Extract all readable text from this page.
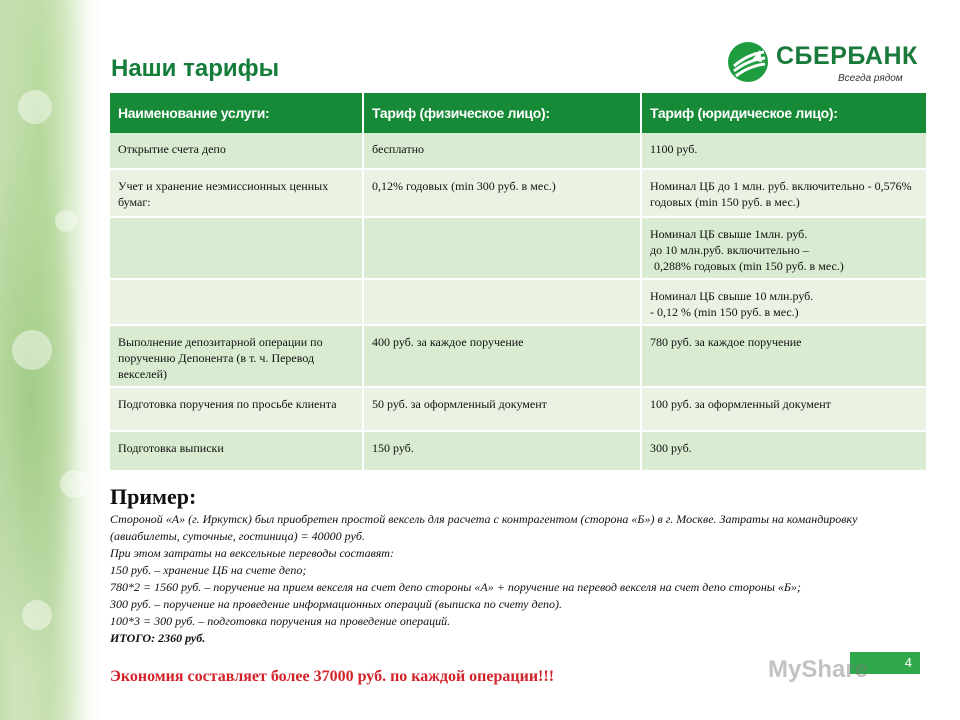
Наши тарифы	СБЕРБАНК
Всегда рядом
Наименование услуги:	Тариф (физическое лицо):	Тариф (юридическое лицо):

Открытие счета депо	бесплатно	1100 руб.

Учет и хранение неэмиссионных ценных бумаг:	0,12% годовых (min 300 руб. в мес.)	Номинал ЦБ до 1 млн. руб. включительно - 0,576% годовых (min 150 руб. в мес.)

		Номинал ЦБ свыше 1млн. руб.
до 10 млн.руб. включительно –
0,288% годовых (min 150 руб. в мес.)

		Номинал ЦБ свыше 10 млн.руб.
- 0,12 % (min 150 руб. в мес.)

Выполнение депозитарной операции по поручению Депонента (в т. ч. Перевод векселей)	400 руб. за каждое поручение	780 руб. за каждое поручение

Подготовка поручения по просьбе клиента	50 руб. за оформленный документ	100 руб. за оформленный документ

Подготовка выписки	150 руб.	300 руб.
Пример:

Стороной «А» (г. Иркутск) был приобретен простой вексель для расчета с контрагентом (сторона «Б») в г. Москве. Затраты на командировку (авиабилеты, суточные, гостиница) = 40000 руб.

При этом затраты на вексельные переводы составят:

150 руб. – хранение ЦБ на счете депо;

780*2 = 1560 руб. – поручение на прием векселя на счет депо стороны «А» + поручение на перевод векселя на счет депо стороны «Б»;

300 руб. – поручение на проведение информационных операций (выписка по счету депо).

100*3 = 300 руб. – подготовка поручения на проведение операций.

ИТОГО: 2360 руб.

Экономия составляет более 37000 руб. по каждой операции!!!

4
MyShare
